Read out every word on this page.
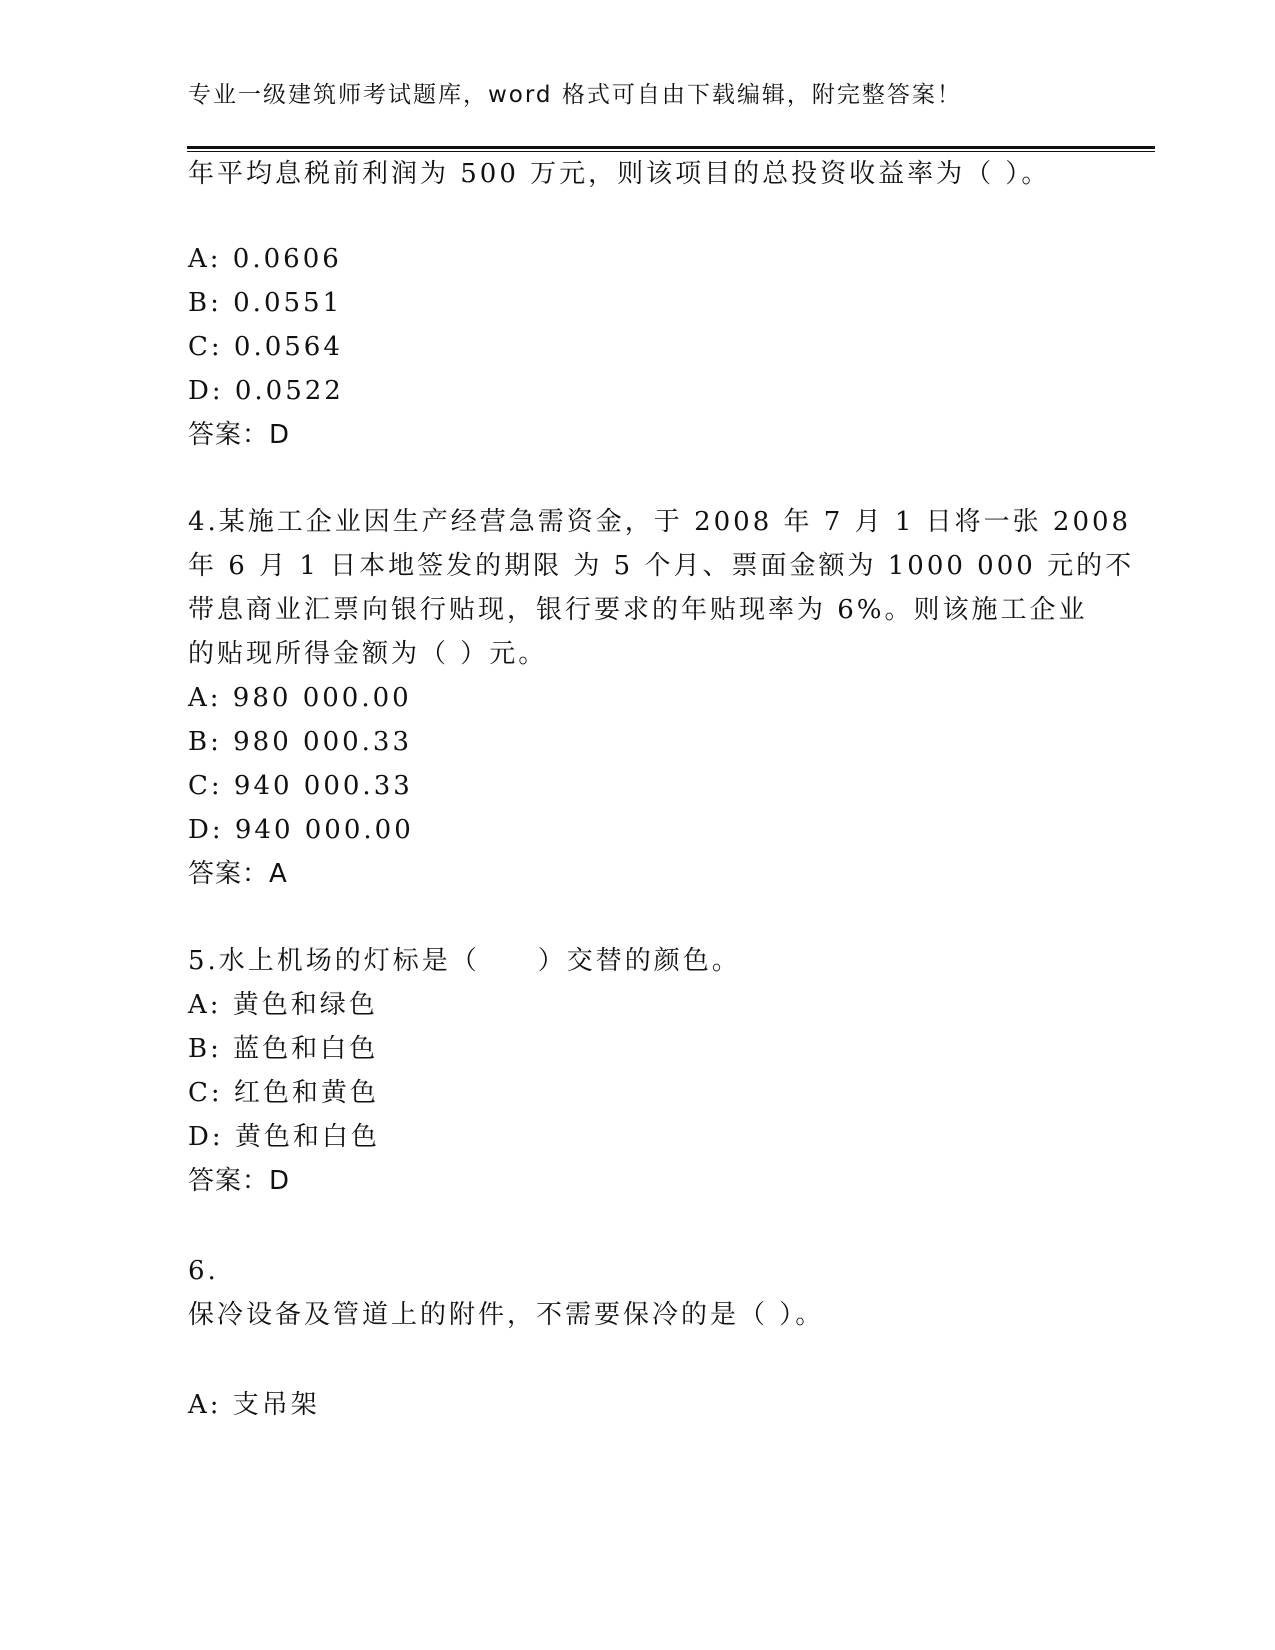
专业一级建筑师考试题库，word 格式可自由下载编辑，附完整答案！
年平均息税前利润为 500 万元，则该项目的总投资收益率为（ ）。
A: 0.0606
B: 0.0551
C: 0.0564
D: 0.0522
答案：D
4.某施工企业因生产经营急需资金，于 2008 年 7 月 1 日将一张 2008
年 6 月 1 日本地签发的期限 为 5 个月、票面金额为 1000 000 元的不
带息商业汇票向银行贴现，银行要求的年贴现率为 6%。则该施工企业
的贴现所得金额为（ ）元。
A: 980 000.00
B: 980 000.33
C: 940 000.33
D: 940 000.00
答案：A
5.水上机场的灯标是（　　）交替的颜色。
A: 黄色和绿色
B: 蓝色和白色
C: 红色和黄色
D: 黄色和白色
答案：D
6.
保冷设备及管道上的附件，不需要保冷的是（ ）。
A: 支吊架
